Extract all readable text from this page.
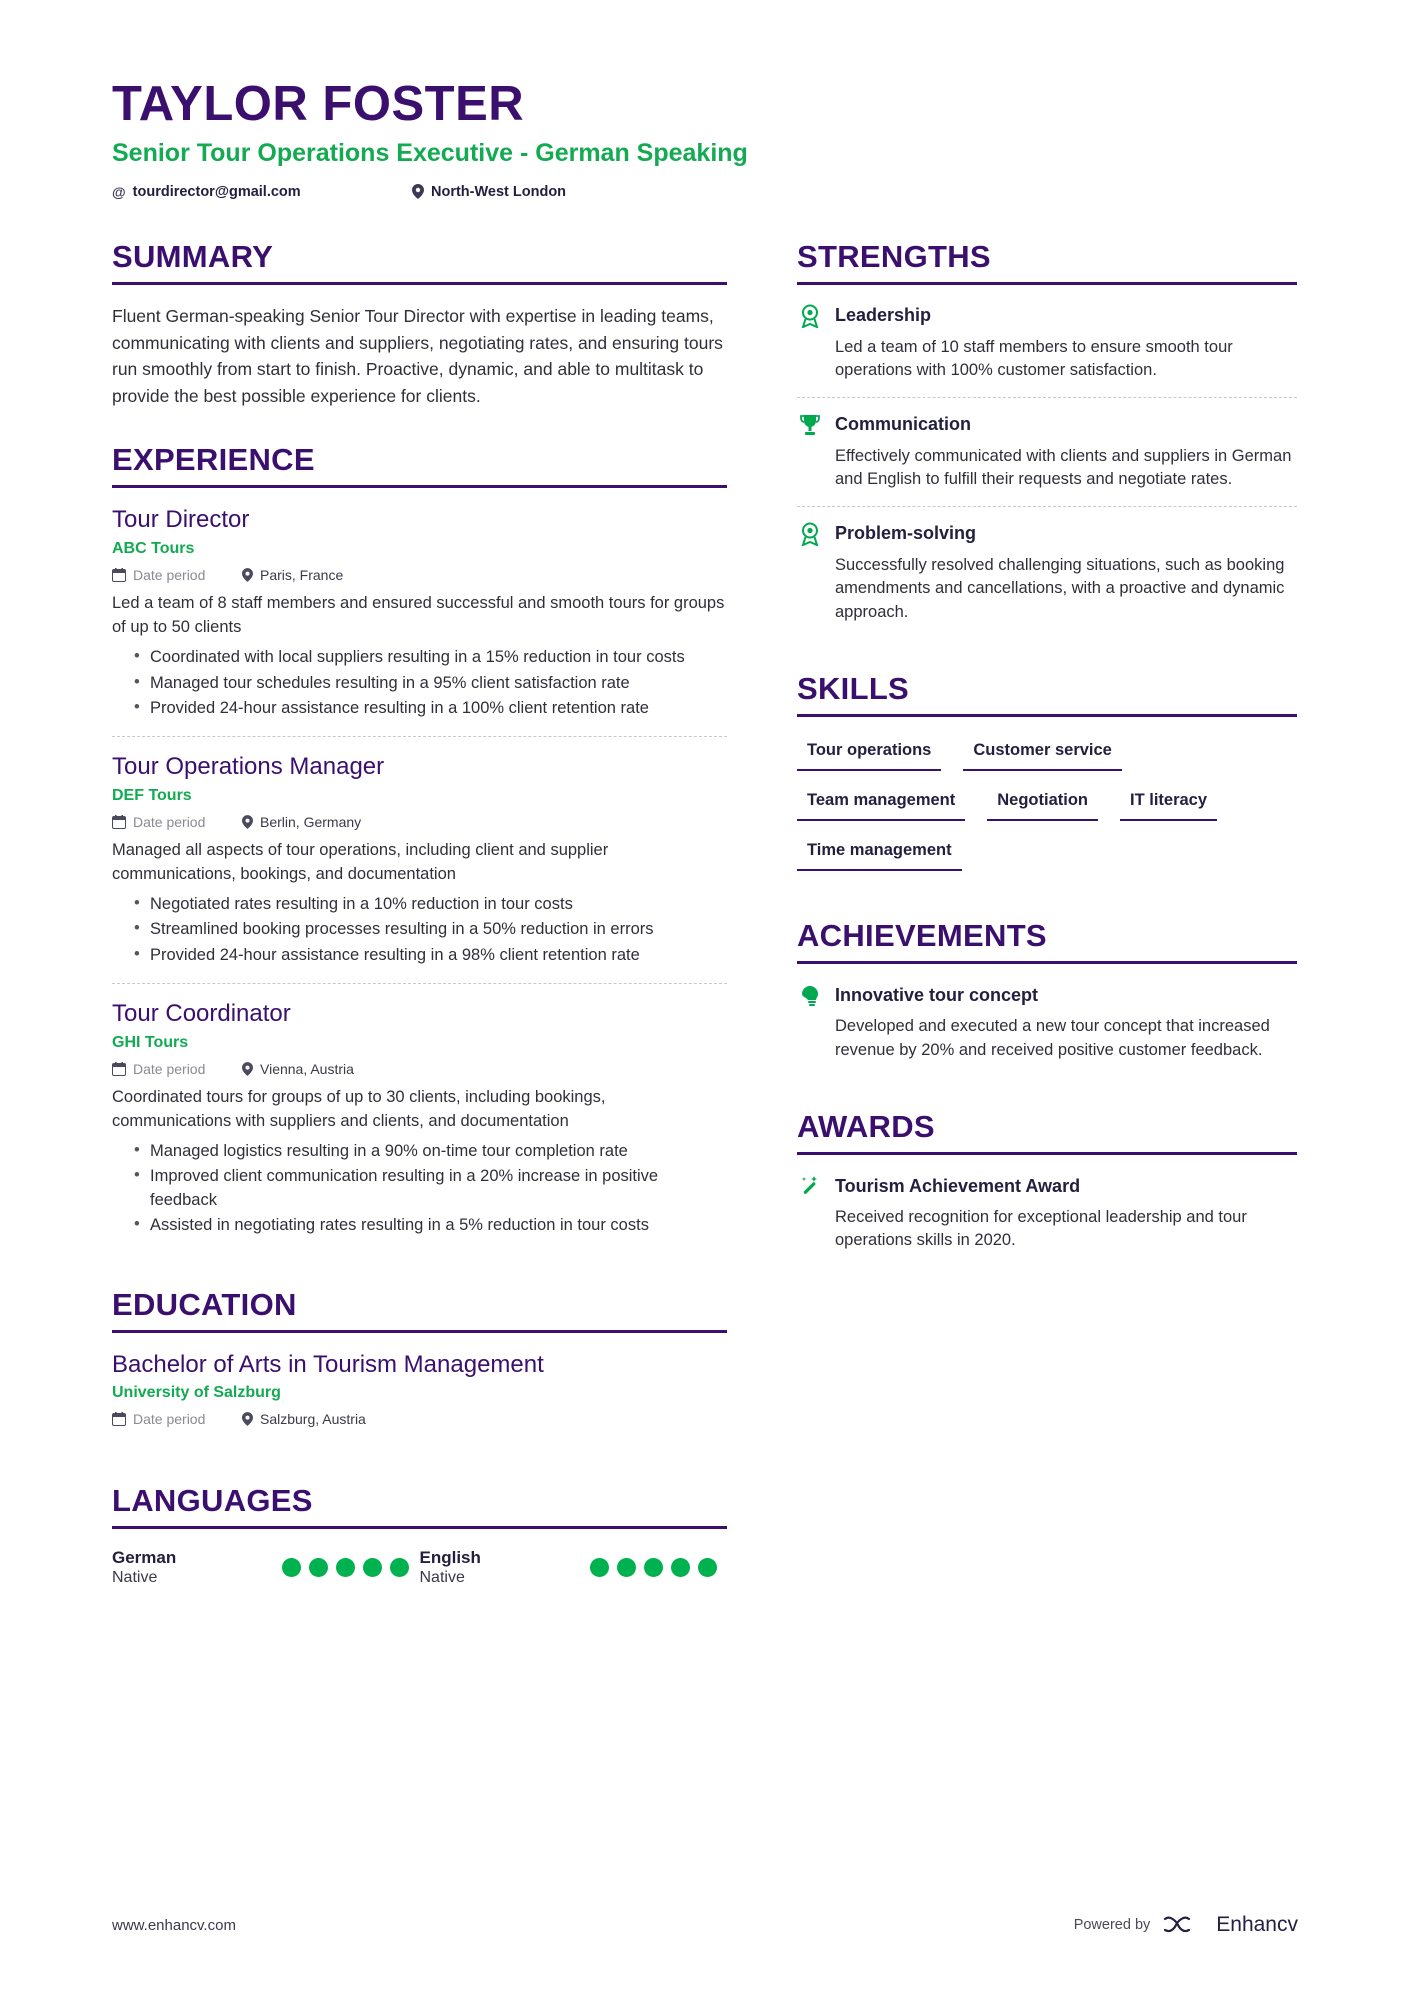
TAYLOR FOSTER
Senior Tour Operations Executive - German Speaking
@ tourdirector@gmail.com	North-West London
SUMMARY
Fluent German-speaking Senior Tour Director with expertise in leading teams, communicating with clients and suppliers, negotiating rates, and ensuring tours run smoothly from start to finish. Proactive, dynamic, and able to multitask to provide the best possible experience for clients.
EXPERIENCE
Tour Director
ABC Tours
Date period	Paris, France
Led a team of 8 staff members and ensured successful and smooth tours for groups of up to 50 clients
• Coordinated with local suppliers resulting in a 15% reduction in tour costs
• Managed tour schedules resulting in a 95% client satisfaction rate
• Provided 24-hour assistance resulting in a 100% client retention rate
Tour Operations Manager
DEF Tours
Date period	Berlin, Germany
Managed all aspects of tour operations, including client and supplier communications, bookings, and documentation
• Negotiated rates resulting in a 10% reduction in tour costs
• Streamlined booking processes resulting in a 50% reduction in errors
• Provided 24-hour assistance resulting in a 98% client retention rate
Tour Coordinator
GHI Tours
Date period	Vienna, Austria
Coordinated tours for groups of up to 30 clients, including bookings, communications with suppliers and clients, and documentation
• Managed logistics resulting in a 90% on-time tour completion rate
• Improved client communication resulting in a 20% increase in positive feedback
• Assisted in negotiating rates resulting in a 5% reduction in tour costs
EDUCATION
Bachelor of Arts in Tourism Management
University of Salzburg
Date period	Salzburg, Austria
LANGUAGES
German
Native
English
Native
STRENGTHS
Leadership
Led a team of 10 staff members to ensure smooth tour operations with 100% customer satisfaction.
Communication
Effectively communicated with clients and suppliers in German and English to fulfill their requests and negotiate rates.
Problem-solving
Successfully resolved challenging situations, such as booking amendments and cancellations, with a proactive and dynamic approach.
SKILLS
Tour operations	Customer service
Team management	Negotiation	IT literacy
Time management
ACHIEVEMENTS
Innovative tour concept
Developed and executed a new tour concept that increased revenue by 20% and received positive customer feedback.
AWARDS
Tourism Achievement Award
Received recognition for exceptional leadership and tour operations skills in 2020.
www.enhancv.com	Powered by	Enhancv
